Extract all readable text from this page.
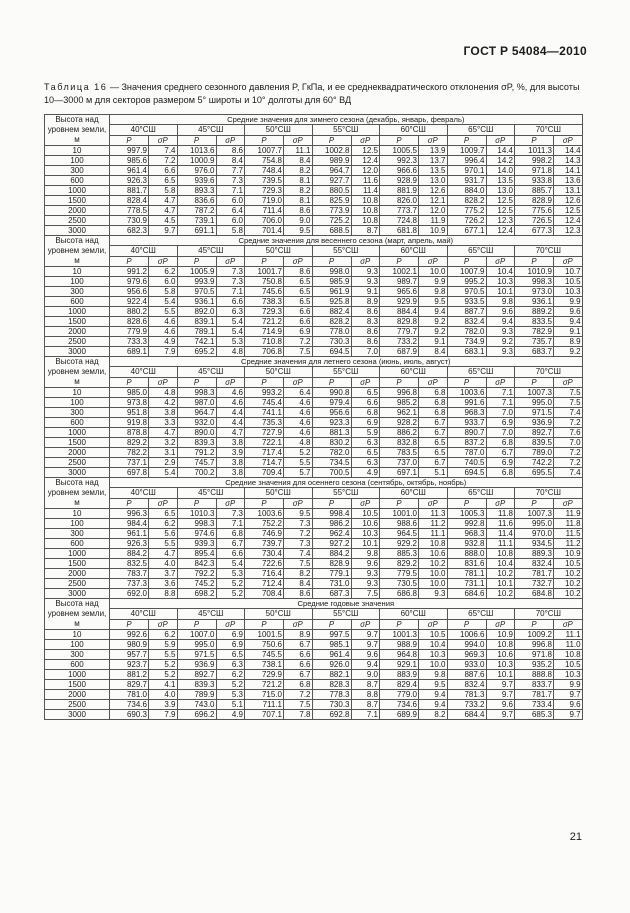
ГОСТ Р 54084—2010
Таблица 16 — Значения среднего сезонного давления P, ГкПа, и ее среднеквадратического отклонения σP, %, для высоты 10—3000 м для секторов размером 5° широты и 10° долготы для 60° ВД
Высота над уровнем земли, м	Средние значения для зимнего сезона (декабрь, январь, февраль)													
	40°СШ		45°СШ		50°СШ		55°СШ		60°СШ		65°СШ		70°СШ	
	P	σP	P	σP	P	σP	P	σP	P	σP	P	σP	P	σP
10	997.9	7.4	1013.6	8.6	1007.7	11.1	1002.8	12.5	1005.5	13.9	1009.7	14.4	1011.3	14.4
100	985.6	7.2	1000.9	8.4	754.8	8.4	989.9	12.4	992.3	13.7	996.4	14.2	998.2	14.3
300	961.4	6.6	976.0	7.7	748.4	8.2	964.7	12.0	966.6	13.5	970.1	14.0	971.8	14.1
600	926.3	6.5	939.6	7.3	739.5	8.1	927.7	11.6	928.9	13.0	931.7	13.5	933.8	13.6
1000	881.7	5.8	893.3	7.1	729.3	8.2	880.5	11.4	881.9	12.6	884.0	13.0	885.7	13.1
1500	828.4	4.7	836.6	6.0	719.0	8.1	825.9	10.8	826.0	12.1	828.2	12.5	828.9	12.6
2000	778.5	4.7	787.2	6.4	711.4	8.6	773.9	10.8	773.7	12.0	775.2	12.5	775.6	12.5
2500	730.9	4.5	739.1	6.0	706.0	9.0	725.2	10.8	724.8	11.9	726.2	12.3	726.5	12.4
3000	682.3	9.7	691.1	5.8	701.4	9.5	688.5	8.7	681.8	10.9	677.1	12.4	677.3	12.3
Высота над уровнем земли, м	Средние значения для весеннего сезона (март, апрель, май)													
	40°СШ		45°СШ		50°СШ		55°СШ		60°СШ		65°СШ		70°СШ	
	P	σP	P	σP	P	σP	P	σP	P	σP	P	σP	P	σP
10	991.2	6.2	1005.9	7.3	1001.7	8.6	998.0	9.3	1002.1	10.0	1007.9	10.4	1010.9	10.7
100	979.6	6.0	993.9	7.3	750.8	6.5	985.9	9.3	989.7	9.9	995.2	10.3	998.3	10.5
300	956.6	5.8	970.5	7.1	745.6	6.5	961.9	9.1	965.6	9.8	970.5	10.1	973.0	10.3
600	922.4	5.4	936.1	6.6	738.3	6.5	925.8	8.9	929.9	9.5	933.5	9.8	936.1	9.9
1000	880.2	5.5	892.0	6.3	729.3	6.6	882.4	8.6	884.4	9.4	887.7	9.6	889.2	9.6
1500	828.6	4.6	839.1	5.4	721.2	6.6	828.2	8.3	829.8	9.2	832.4	9.4	833.5	9.4
2000	779.9	4.6	789.1	5.4	714.9	6.9	778.0	8.6	779.7	9.2	782.0	9.3	782.9	9.1
2500	733.3	4.9	742.1	5.3	710.8	7.2	730.3	8.6	733.2	9.1	734.9	9.2	735.7	8.9
3000	689.1	7.9	695.2	4.8	706.8	7.5	694.5	7.0	687.9	8.4	683.1	9.3	683.7	9.2
Высота над уровнем земли, м	Средние значения для летнего сезона (июнь, июль, август)													
	40°СШ		45°СШ		50°СШ		55°СШ		60°СШ		65°СШ		70°СШ	
	P	σP	P	σP	P	σP	P	σP	P	σP	P	σP	P	σP
10	985.0	4.8	998.3	4.6	993.2	6.4	990.8	6.5	996.8	6.8	1003.6	7.1	1007.3	7.5
100	973.8	4.2	987.0	4.6	745.4	4.6	979.4	6.6	985.2	6.8	991.6	7.1	995.0	7.5
300	951.8	3.8	964.7	4.4	741.1	4.6	956.6	6.8	962.1	6.8	968.3	7.0	971.5	7.4
600	919.8	3.3	932.0	4.4	735.3	4.6	923.3	6.9	928.2	6.7	933.7	6.9	936.9	7.2
1000	878.8	4.7	890.0	4.7	727.9	4.6	881.3	5.9	886.2	6.7	890.7	7.0	892.7	7.6
1500	829.2	3.2	839.3	3.8	722.1	4.8	830.2	6.3	832.8	6.5	837.2	6.8	839.5	7.0
2000	782.2	3.1	791.2	3.9	717.4	5.2	782.0	6.5	783.5	6.5	787.0	6.7	789.0	7.2
2500	737.1	2.9	745.7	3.8	714.7	5.5	734.5	6.3	737.0	6.7	740.5	6.9	742.2	7.2
3000	697.8	5.4	700.2	3.8	709.4	5.7	700.5	4.9	697.1	5.1	694.5	6.8	695.5	7.4
Высота над уровнем земли, м	Средние значения для осеннего сезона (сентябрь, октябрь, ноябрь)													
	40°СШ		45°СШ		50°СШ		55°СШ		60°СШ		65°СШ		70°СШ	
	P	σP	P	σP	P	σP	P	σP	P	σP	P	σP	P	σP
10	996.3	6.5	1010.3	7.3	1003.6	9.5	998.4	10.5	1001.0	11.3	1005.3	11.8	1007.3	11.9
100	984.4	6.2	998.3	7.1	752.2	7.3	986.2	10.6	988.6	11.2	992.8	11.6	995.0	11.8
300	961.1	5.6	974.6	6.8	746.9	7.2	962.4	10.3	964.5	11.1	968.3	11.4	970.0	11.5
600	926.3	5.5	939.3	6.7	739.7	7.3	927.2	10.1	929.2	10.8	932.8	11.1	934.5	11.2
1000	884.2	4.7	895.4	6.6	730.4	7.4	884.2	9.8	885.3	10.6	888.0	10.8	889.3	10.9
1500	832.5	4.0	842.3	5.4	722.6	7.5	828.9	9.6	829.2	10.2	831.6	10.4	832.4	10.5
2000	783.7	3.7	792.2	5.3	716.4	8.2	779.1	9.3	779.5	10.0	781.1	10.2	781.7	10.2
2500	737.3	3.6	745.2	5.2	712.4	8.4	731.0	9.3	730.5	10.0	731.1	10.1	732.7	10.2
3000	692.0	8.8	698.2	5.2	708.4	8.6	687.3	7.5	686.8	9.3	684.6	10.2	684.8	10.2
Высота над уровнем земли, м	Средние годовые значения													
	40°СШ		45°СШ		50°СШ		55°СШ		60°СШ		65°СШ		70°СШ	
	P	σP	P	σP	P	σP	P	σP	P	σP	P	σP	P	σP
10	992.6	6.2	1007.0	6.9	1001.5	8.9	997.5	9.7	1001.3	10.5	1006.6	10.9	1009.2	11.1
100	980.9	5.9	995.0	6.9	750.6	6.7	985.1	9.7	988.9	10.4	994.0	10.8	996.8	11.0
300	957.7	5.5	971.5	6.5	745.5	6.6	961.4	9.6	964.8	10.3	969.3	10.6	971.8	10.8
600	923.7	5.2	936.9	6.3	738.1	6.6	926.0	9.4	929.1	10.0	933.0	10.3	935.2	10.5
1000	881.2	5.2	892.7	6.2	729.9	6.7	882.1	9.0	883.9	9.8	887.6	10.1	888.8	10.3
1500	829.7	4.1	839.3	5.2	721.2	6.8	828.3	8.7	829.4	9.5	832.4	9.7	833.7	9.9
2000	781.0	4.0	789.9	5.3	715.0	7.2	778.3	8.8	779.0	9.4	781.3	9.7	781.7	9.7
2500	734.6	3.9	743.0	5.1	711.1	7.5	730.3	8.7	734.6	9.4	733.2	9.6	733.4	9.6
3000	690.3	7.9	696.2	4.9	707.1	7.8	692.8	7.1	689.9	8.2	684.4	9.7	685.3	9.7
21
